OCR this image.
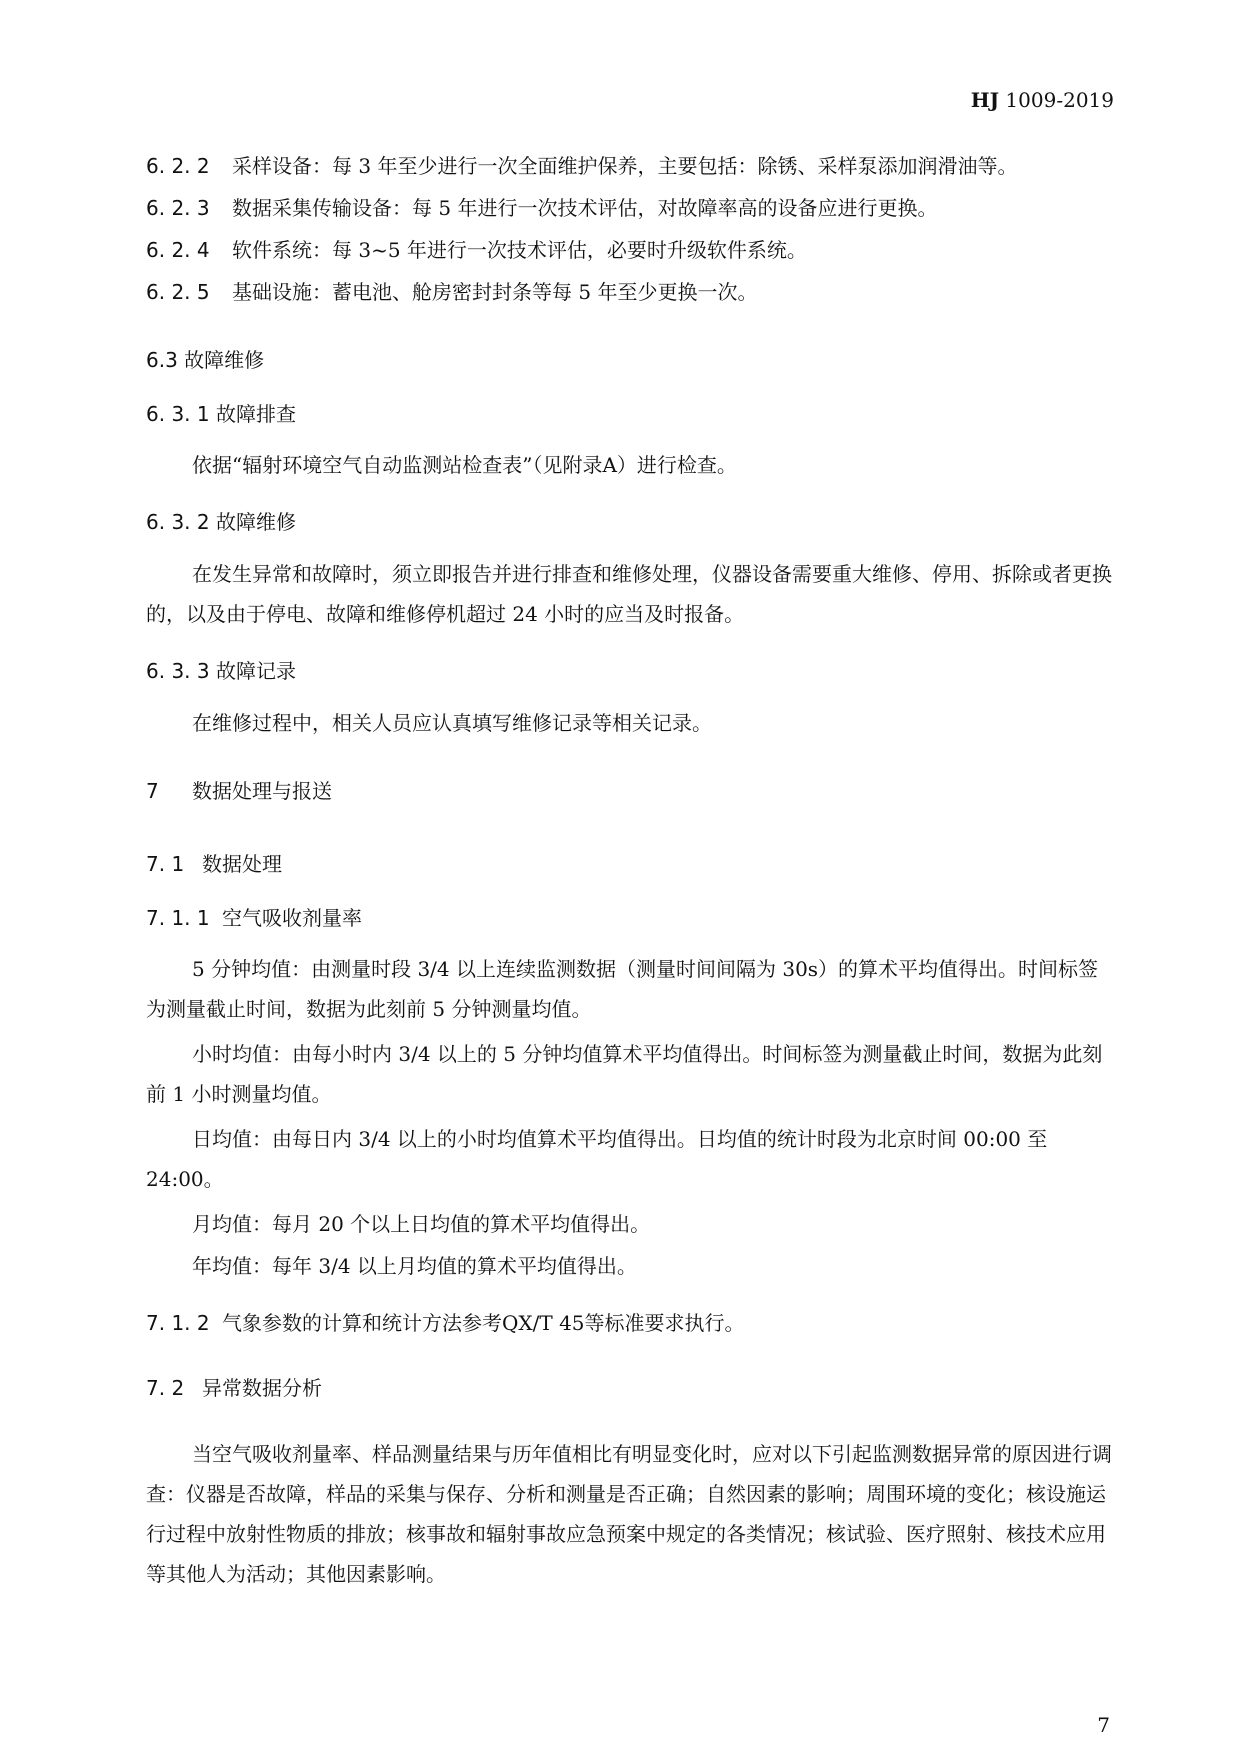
HJ 1009-2019
6. 2. 2 采样设备：每 3 年至少进行一次全面维护保养，主要包括：除锈、采样泵添加润滑油等。
6. 2. 3 数据采集传输设备：每 5 年进行一次技术评估，对故障率高的设备应进行更换。
6. 2. 4 软件系统：每 3~5 年进行一次技术评估，必要时升级软件系统。
6. 2. 5 基础设施：蓄电池、舱房密封封条等每 5 年至少更换一次。
6.3 故障维修
6. 3. 1 故障排查
依据“辐射环境空气自动监测站检查表”（见附录A）进行检查。
6. 3. 2 故障维修
在发生异常和故障时，须立即报告并进行排查和维修处理，仪器设备需要重大维修、停用、拆除或者更换的，以及由于停电、故障和维修停机超过 24 小时的应当及时报备。
6. 3. 3 故障记录
在维修过程中，相关人员应认真填写维修记录等相关记录。
7 数据处理与报送
7. 1 数据处理
7. 1. 1 空气吸收剂量率
5 分钟均值：由测量时段 3/4 以上连续监测数据（测量时间间隔为 30s）的算术平均值得出。时间标签为测量截止时间，数据为此刻前 5 分钟测量均值。
小时均值：由每小时内 3/4 以上的 5 分钟均值算术平均值得出。时间标签为测量截止时间，数据为此刻前 1 小时测量均值。
日均值：由每日内 3/4 以上的小时均值算术平均值得出。日均值的统计时段为北京时间 00:00 至 24:00。
月均值：每月 20 个以上日均值的算术平均值得出。
年均值：每年 3/4 以上月均值的算术平均值得出。
7. 1. 2 气象参数的计算和统计方法参考QX/T 45等标准要求执行。
7. 2 异常数据分析
当空气吸收剂量率、样品测量结果与历年值相比有明显变化时，应对以下引起监测数据异常的原因进行调查：仪器是否故障，样品的采集与保存、分析和测量是否正确；自然因素的影响；周围环境的变化；核设施运行过程中放射性物质的排放；核事故和辐射事故应急预案中规定的各类情况；核试验、医疗照射、核技术应用等其他人为活动；其他因素影响。
7
